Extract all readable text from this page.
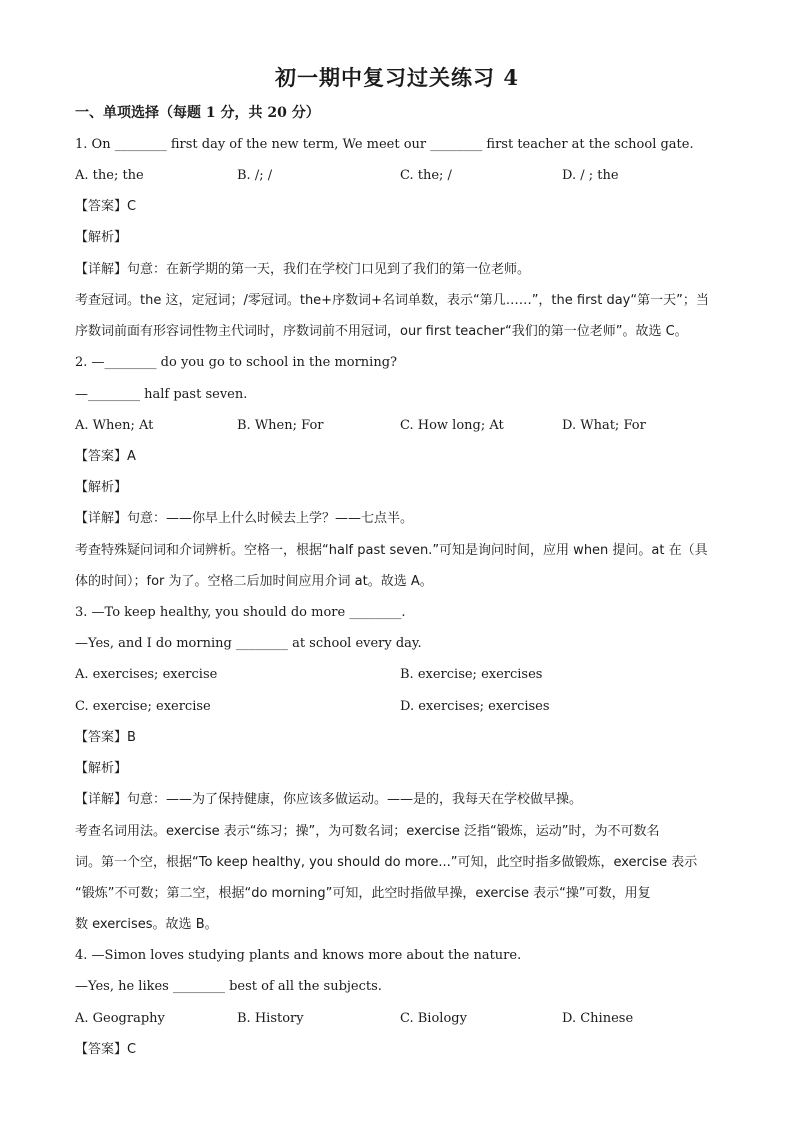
初一期中复习过关练习 4
一、单项选择（每题 1 分，共 20 分）
1. On ________ first day of the new term, We meet our ________ first teacher at the school gate.
A. the; the	B. /; /	C. the; /	D. / ; the
【答案】C
【解析】
【详解】句意：在新学期的第一天，我们在学校门口见到了我们的第一位老师。
考查冠词。the 这，定冠词；/零冠词。the+序数词+名词单数，表示“第几……”，the first day“第一天”；当
序数词前面有形容词性物主代词时，序数词前不用冠词，our first teacher“我们的第一位老师”。故选 C。
2. —________ do you go to school in the morning?
—________ half past seven.
A. When; At	B. When; For	C. How long; At	D. What; For
【答案】A
【解析】
【详解】句意：——你早上什么时候去上学？——七点半。
考查特殊疑问词和介词辨析。空格一，根据“half past seven.”可知是询问时间，应用 when 提问。at 在（具
体的时间）；for 为了。空格二后加时间应用介词 at。故选 A。
3. —To keep healthy, you should do more ________.
—Yes, and I do morning ________ at school every day.
A. exercises; exercise	B. exercise; exercises
C. exercise; exercise	D. exercises; exercises
【答案】B
【解析】
【详解】句意：——为了保持健康，你应该多做运动。——是的，我每天在学校做早操。
考查名词用法。exercise 表示“练习；操”，为可数名词；exercise 泛指“锻炼，运动”时，为不可数名
词。第一个空，根据“To keep healthy, you should do more...”可知，此空时指多做锻炼，exercise 表示
“锻炼”不可数；第二空，根据“do morning”可知，此空时指做早操，exercise 表示“操”可数，用复
数 exercises。故选 B。
4. —Simon loves studying plants and knows more about the nature.
—Yes, he likes ________ best of all the subjects.
A. Geography	B. History	C. Biology	D. Chinese
【答案】C
